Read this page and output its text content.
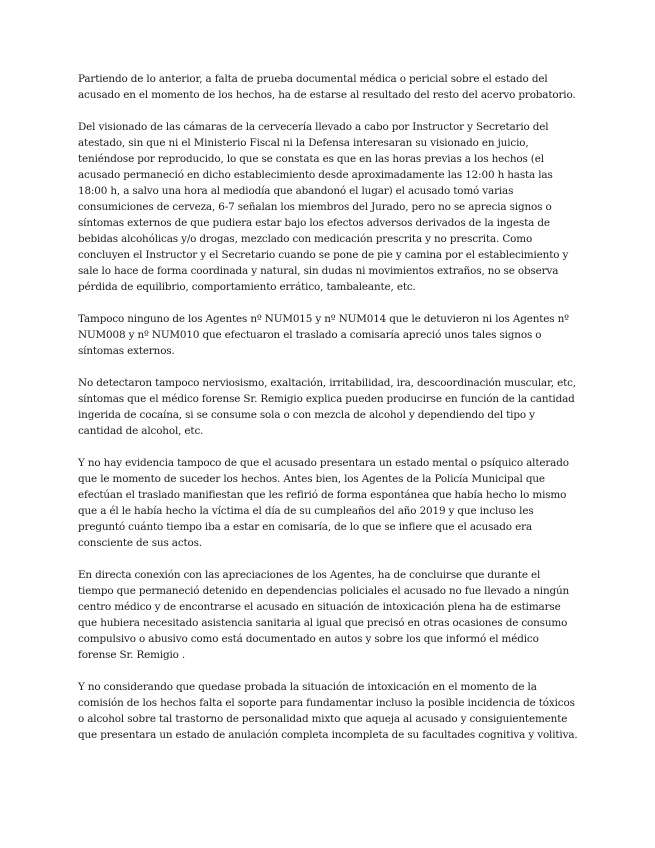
Partiendo de lo anterior, a falta de prueba documental médica o pericial sobre el estado del acusado en el momento de los hechos, ha de estarse al resultado del resto del acervo probatorio.

Del visionado de las cámaras de la cervecería llevado a cabo por Instructor y Secretario del atestado, sin que ni el Ministerio Fiscal ni la Defensa interesaran su visionado en juicio, teniéndose por reproducido, lo que se constata es que en las horas previas a los hechos (el acusado permaneció en dicho establecimiento desde aproximadamente las 12:00 h hasta las 18:00 h, a salvo una hora al mediodía que abandonó el lugar) el acusado tomó varias consumiciones de cerveza, 6-7 señalan los miembros del Jurado, pero no se aprecia signos o síntomas externos de que pudiera estar bajo los efectos adversos derivados de la ingesta de bebidas alcohólicas y/o drogas, mezclado con medicación prescrita y no prescrita. Como concluyen el Instructor y el Secretario cuando se pone de pie y camina por el establecimiento y sale lo hace de forma coordinada y natural, sin dudas ni movimientos extraños, no se observa pérdida de equilibrio, comportamiento errático, tambaleante, etc.

Tampoco ninguno de los Agentes nº NUM015 y nº NUM014 que le detuvieron ni los Agentes nº NUM008 y nº NUM010 que efectuaron el traslado a comisaría apreció unos tales signos o síntomas externos.

No detectaron tampoco nerviosismo, exaltación, irritabilidad, ira, descoordinación muscular, etc, síntomas que el médico forense Sr. Remigio explica pueden producirse en función de la cantidad ingerida de cocaína, si se consume sola o con mezcla de alcohol y dependiendo del tipo y cantidad de alcohol, etc.

Y no hay evidencia tampoco de que el acusado presentara un estado mental o psíquico alterado que le momento de suceder los hechos. Antes bien, los Agentes de la Policía Municipal que efectúan el traslado manifiestan que les refirió de forma espontánea que había hecho lo mismo que a él le había hecho la víctima el día de su cumpleaños del año 2019 y que incluso les preguntó cuánto tiempo iba a estar en comisaría, de lo que se infiere que el acusado era consciente de sus actos.

En directa conexión con las apreciaciones de los Agentes, ha de concluirse que durante el tiempo que permaneció detenido en dependencias policiales el acusado no fue llevado a ningún centro médico y de encontrarse el acusado en situación de intoxicación plena ha de estimarse que hubiera necesitado asistencia sanitaria al igual que precisó en otras ocasiones de consumo compulsivo o abusivo como está documentado en autos y sobre los que informó el médico forense Sr. Remigio .

Y no considerando que quedase probada la situación de intoxicación en el momento de la comisión de los hechos falta el soporte para fundamentar incluso la posible incidencia de tóxicos o alcohol sobre tal trastorno de personalidad mixto que aqueja al acusado y consiguientemente que presentara un estado de anulación completa incompleta de su facultades cognitiva y volitiva.
